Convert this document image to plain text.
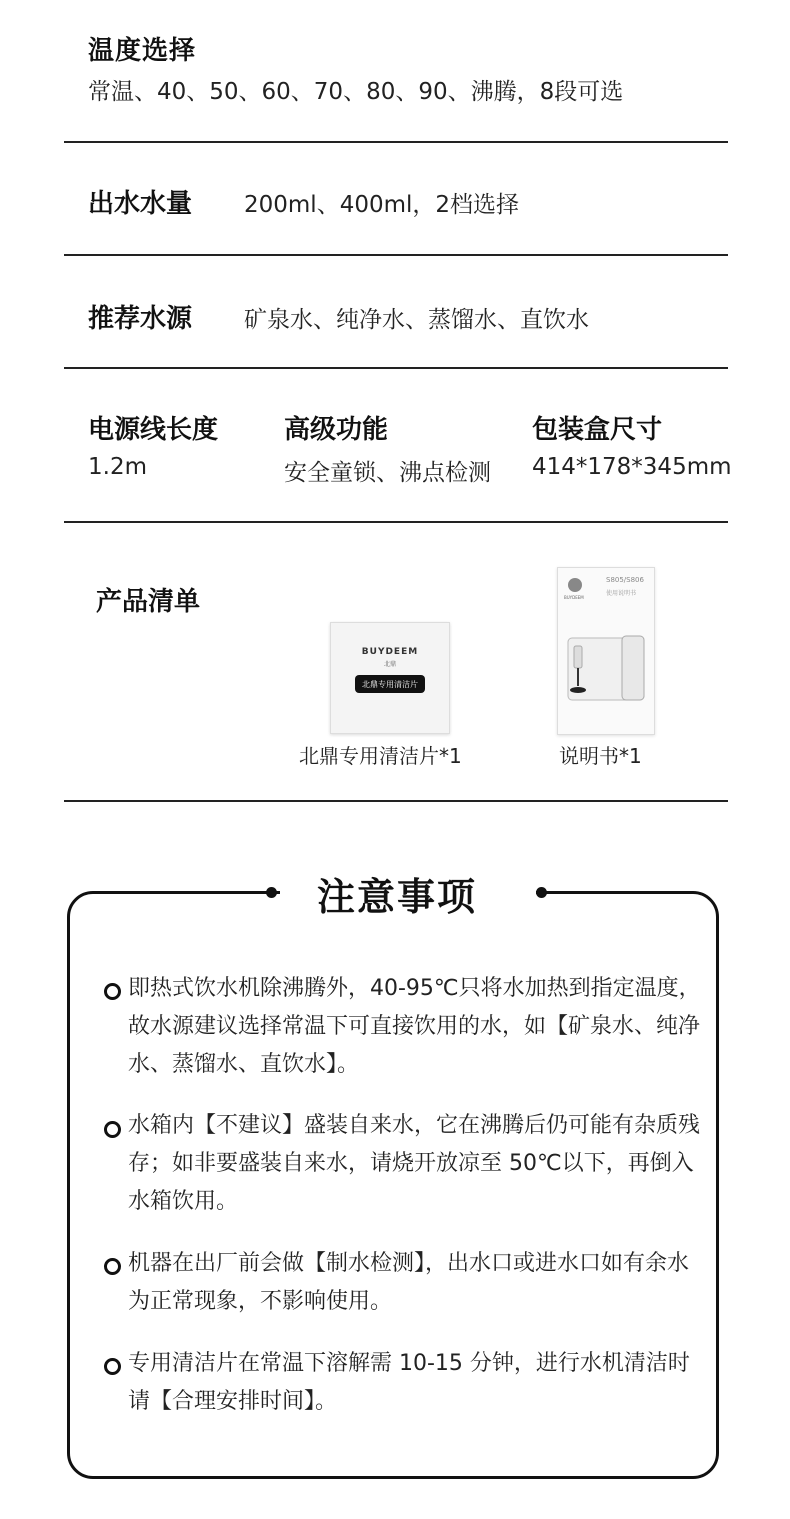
温度选择
常温、40、50、60、70、80、90、沸腾，8段可选
出水水量 200ml、400ml，2档选择
推荐水源 矿泉水、纯净水、蒸馏水、直饮水
电源线长度
1.2m
高级功能
安全童锁、沸点检测
包装盒尺寸
414*178*345mm
产品清单
BUYDEEM
北鼎
北鼎专用清洁片
北鼎专用清洁片*1
BUYDEEM
S805/S806
使用说明书
说明书*1
注意事项
即热式饮水机除沸腾外，40-95℃只将水加热到指定温度，故水源建议选择常温下可直接饮用的水，如【矿泉水、纯净水、蒸馏水、直饮水】。
水箱内【不建议】盛装自来水，它在沸腾后仍可能有杂质残存；如非要盛装自来水，请烧开放凉至 50℃以下，再倒入水箱饮用。
机器在出厂前会做【制水检测】，出水口或进水口如有余水为正常现象，不影响使用。
专用清洁片在常温下溶解需 10-15 分钟，进行水机清洁时请【合理安排时间】。
